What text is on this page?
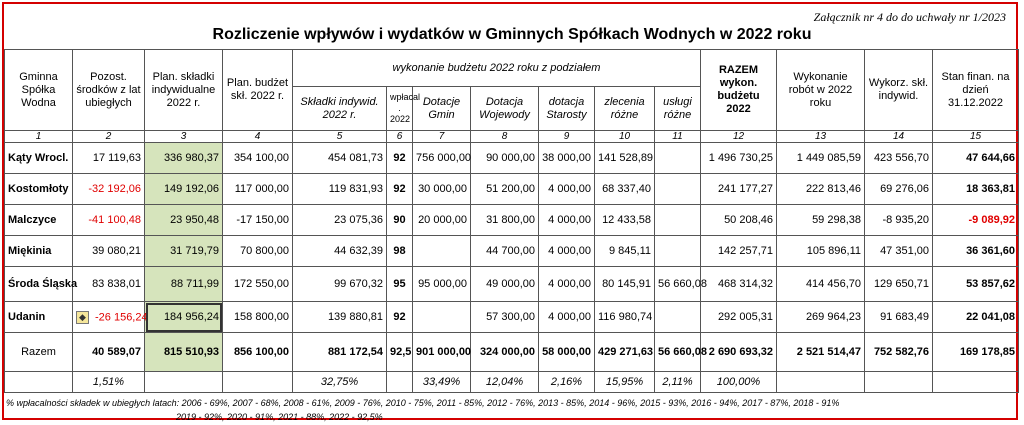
Załącznik nr 4 do do uchwały nr 1/2023
Rozliczenie wpływów i wydatków w Gminnych Spółkach Wodnych w 2022 roku
Gminna Spółka Wodna	Pozost. środków z lat ubiegłych	Plan. składki indywidualne 2022 r.	Plan. budżet skł. 2022 r.	wykonanie budżetu 2022 roku z podziałem							RAZEM wykon. budżetu 2022	Wykonanie robót w 2022 roku	Wykorz. skł. indywid.	Stan finan. na dzień 31.12.2022
				Składki indywid. 2022 r.	wpłacal . 2022	Dotacje Gmin	Dotacja Wojewody	dotacja Starosty	zlecenia różne	usługi różne				
1	2	3	4	5	6	7	8	9	10	11	12	13	14	15
Kąty Wrocl.	17 119,63	336 980,37	354 100,00	454 081,73	92	756 000,00	90 000,00	38 000,00	141 528,89		1 496 730,25	1 449 085,59	423 556,70	47 644,66
Kostomłoty	-32 192,06	149 192,06	117 000,00	119 831,93	92	30 000,00	51 200,00	4 000,00	68 337,40		241 177,27	222 813,46	69 276,06	18 363,81
Malczyce	-41 100,48	23 950,48	-17 150,00	23 075,36	90	20 000,00	31 800,00	4 000,00	12 433,58		50 208,46	59 298,38	-8 935,20	-9 089,92
Miękinia	39 080,21	31 719,79	70 800,00	44 632,39	98		44 700,00	4 000,00	9 845,11		142 257,71	105 896,11	47 351,00	36 361,60
Środa Śląska	83 838,01	88 711,99	172 550,00	99 670,32	95	95 000,00	49 000,00	4 000,00	80 145,91	56 660,08	468 314,32	414 456,70	129 650,71	53 857,62
Udanin	◆ -26 156,24	184 956,24	158 800,00	139 880,81	92		57 300,00	4 000,00	116 980,74		292 005,31	269 964,23	91 683,49	22 041,08
Razem	40 589,07	815 510,93	856 100,00	881 172,54	92,5	901 000,00	324 000,00	58 000,00	429 271,63	56 660,08	2 690 693,32	2 521 514,47	752 582,76	169 178,85
	1,51%			32,75%		33,49%	12,04%	2,16%	15,95%	2,11%	100,00%			
% wpłacalności składek w ubiegłych latach: 2006 - 69%, 2007 - 68%, 2008 - 61%, 2009 - 76%, 2010 - 75%, 2011 - 85%, 2012 - 76%, 2013 - 85%, 2014 - 96%, 2015 - 93%, 2016 - 94%, 2017 - 87%, 2018 - 91%
2019 - 92%, 2020 - 91%, 2021 - 88%, 2022 - 92,5%
